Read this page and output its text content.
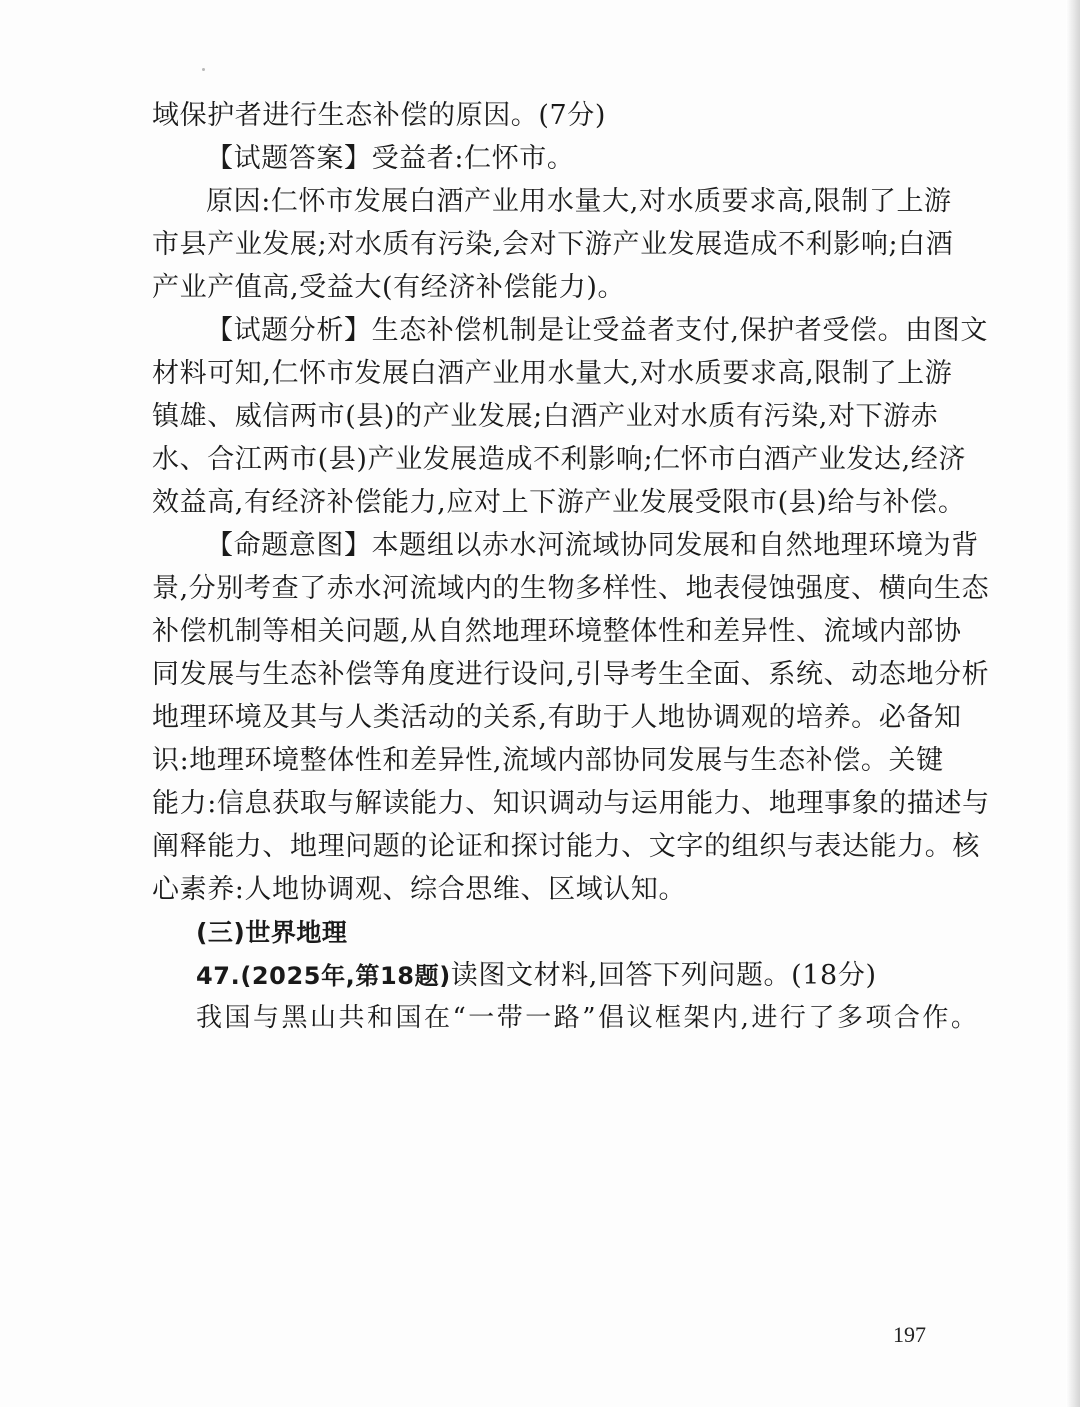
域保护者进行生态补偿的原因。(7分)
【试题答案】受益者:仁怀市。
原因:仁怀市发展白酒产业用水量大,对水质要求高,限制了上游
市县产业发展;对水质有污染,会对下游产业发展造成不利影响;白酒
产业产值高,受益大(有经济补偿能力)。
【试题分析】生态补偿机制是让受益者支付,保护者受偿。由图文
材料可知,仁怀市发展白酒产业用水量大,对水质要求高,限制了上游
镇雄、威信两市(县)的产业发展;白酒产业对水质有污染,对下游赤
水、合江两市(县)产业发展造成不利影响;仁怀市白酒产业发达,经济
效益高,有经济补偿能力,应对上下游产业发展受限市(县)给与补偿。
【命题意图】本题组以赤水河流域协同发展和自然地理环境为背
景,分别考查了赤水河流域内的生物多样性、地表侵蚀强度、横向生态
补偿机制等相关问题,从自然地理环境整体性和差异性、流域内部协
同发展与生态补偿等角度进行设问,引导考生全面、系统、动态地分析
地理环境及其与人类活动的关系,有助于人地协调观的培养。必备知
识:地理环境整体性和差异性,流域内部协同发展与生态补偿。关键
能力:信息获取与解读能力、知识调动与运用能力、地理事象的描述与
阐释能力、地理问题的论证和探讨能力、文字的组织与表达能力。核
心素养:人地协调观、综合思维、区域认知。
(三)世界地理
47.(2025年,第18题)读图文材料,回答下列问题。(18分)
我国与黑山共和国在“一带一路”倡议框架内,进行了多项合作。
197
